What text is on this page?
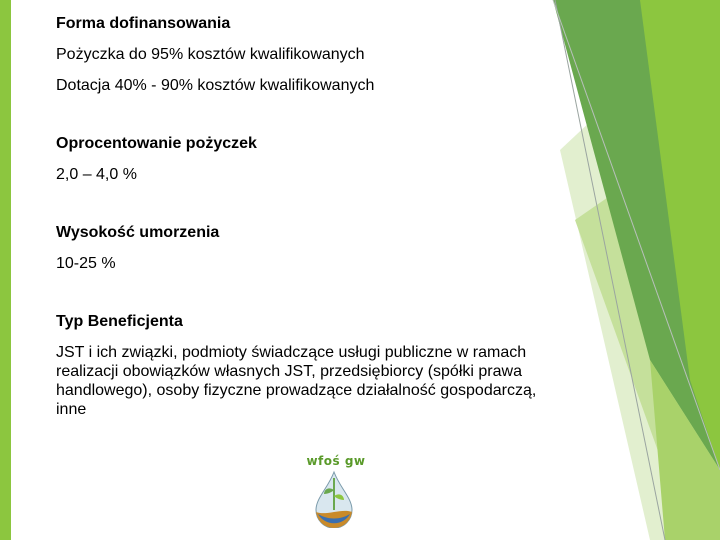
Forma dofinansowania

Pożyczka do 95% kosztów kwalifikowanych

Dotacja 40% - 90% kosztów kwalifikowanych

Oprocentowanie pożyczek

2,0 – 4,0 %

Wysokość umorzenia

10-25 %

Typ Beneficjenta

JST i ich związki, podmioty świadczące usługi publiczne w ramach realizacji obowiązków własnych JST, przedsiębiorcy (spółki prawa handlowego), osoby fizyczne prowadzące działalność gospodarczą, inne

wfoś gw
